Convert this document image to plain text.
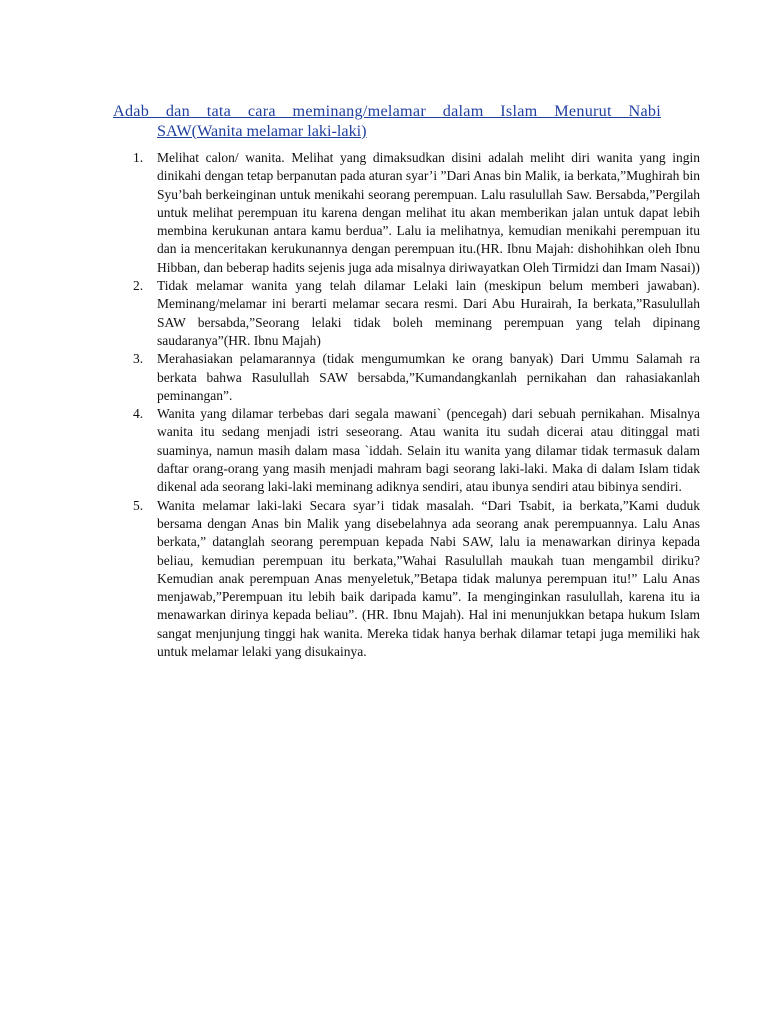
Adab dan tata cara meminang/melamar dalam Islam Menurut Nabi
SAW(Wanita melamar laki-laki)
1. Melihat calon/ wanita. Melihat yang dimaksudkan disini adalah meliht diri wanita yang ingin dinikahi dengan tetap berpanutan pada aturan syar’i ”Dari Anas bin Malik, ia berkata,”Mughirah bin Syu’bah berkeinginan untuk menikahi seorang perempuan. Lalu rasulullah Saw. Bersabda,”Pergilah untuk melihat perempuan itu karena dengan melihat itu akan memberikan jalan untuk dapat lebih membina kerukunan antara kamu berdua”. Lalu ia melihatnya, kemudian menikahi perempuan itu dan ia menceritakan kerukunannya dengan perempuan itu.(HR. Ibnu Majah: dishohihkan oleh Ibnu Hibban, dan beberap hadits sejenis juga ada misalnya diriwayatkan Oleh Tirmidzi dan Imam Nasai))
2. Tidak melamar wanita yang telah dilamar Lelaki lain (meskipun belum memberi jawaban). Meminang/melamar ini berarti melamar secara resmi. Dari Abu Hurairah, Ia berkata,”Rasulullah SAW bersabda,”Seorang lelaki tidak boleh meminang perempuan yang telah dipinang saudaranya”(HR. Ibnu Majah)
3. Merahasiakan pelamarannya (tidak mengumumkan ke orang banyak) Dari Ummu Salamah ra berkata bahwa Rasulullah SAW bersabda,”Kumandangkanlah pernikahan dan rahasiakanlah peminangan”.
4. Wanita yang dilamar terbebas dari segala mawani` (pencegah) dari sebuah pernikahan. Misalnya wanita itu sedang menjadi istri seseorang. Atau wanita itu sudah dicerai atau ditinggal mati suaminya, namun masih dalam masa `iddah. Selain itu wanita yang dilamar tidak termasuk dalam daftar orang-orang yang masih menjadi mahram bagi seorang laki-laki. Maka di dalam Islam tidak dikenal ada seorang laki-laki meminang adiknya sendiri, atau ibunya sendiri atau bibinya sendiri.
5. Wanita melamar laki-laki Secara syar’i tidak masalah. “Dari Tsabit, ia berkata,”Kami duduk bersama dengan Anas bin Malik yang disebelahnya ada seorang anak perempuannya. Lalu Anas berkata,” datanglah seorang perempuan kepada Nabi SAW, lalu ia menawarkan dirinya kepada beliau, kemudian perempuan itu berkata,”Wahai Rasulullah maukah tuan mengambil diriku? Kemudian anak perempuan Anas menyeletuk,”Betapa tidak malunya perempuan itu!” Lalu Anas menjawab,”Perempuan itu lebih baik daripada kamu”. Ia menginginkan rasulullah, karena itu ia menawarkan dirinya kepada beliau”. (HR. Ibnu Majah). Hal ini menunjukkan betapa hukum Islam sangat menjunjung tinggi hak wanita. Mereka tidak hanya berhak dilamar tetapi juga memiliki hak untuk melamar lelaki yang disukainya.
